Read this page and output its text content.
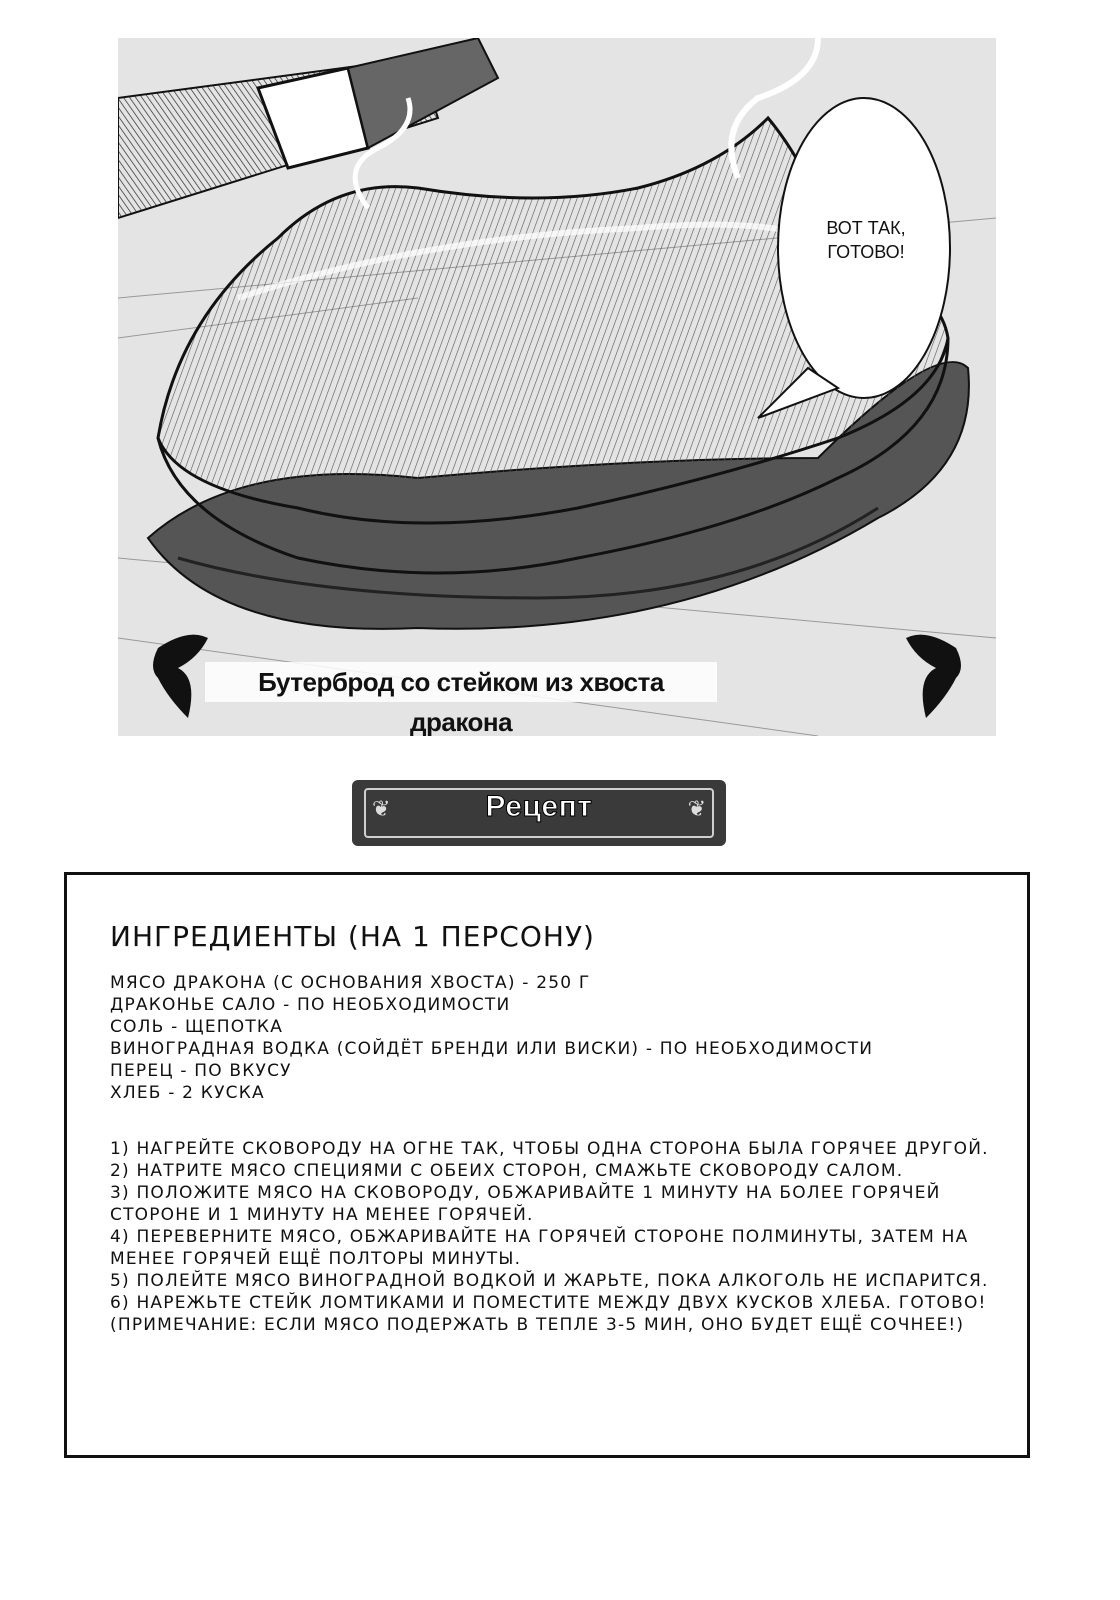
ВОТ ТАК, ГОТОВО!
Бутерброд со стейком из хвоста дракона
❦	❦
Рецепт
ИНГРЕДИЕНТЫ (НА 1 ПЕРСОНУ)
МЯСО ДРАКОНА (С ОСНОВАНИЯ ХВОСТА) - 250 Г
ДРАКОНЬЕ САЛО - ПО НЕОБХОДИМОСТИ
СОЛЬ - ЩЕПОТКА
ВИНОГРАДНАЯ ВОДКА (СОЙДЁТ БРЕНДИ ИЛИ ВИСКИ) - ПО НЕОБХОДИМОСТИ
ПЕРЕЦ - ПО ВКУСУ
ХЛЕБ - 2 КУСКА
1) НАГРЕЙТЕ СКОВОРОДУ НА ОГНЕ ТАК, ЧТОБЫ ОДНА СТОРОНА БЫЛА ГОРЯЧЕЕ ДРУГОЙ.
2) НАТРИТЕ МЯСО СПЕЦИЯМИ С ОБЕИХ СТОРОН, СМАЖЬТЕ СКОВОРОДУ САЛОМ.
3) ПОЛОЖИТЕ МЯСО НА СКОВОРОДУ, ОБЖАРИВАЙТЕ 1 МИНУТУ НА БОЛЕЕ ГОРЯЧЕЙ СТОРОНЕ И 1 МИНУТУ НА МЕНЕЕ ГОРЯЧЕЙ.
4) ПЕРЕВЕРНИТЕ МЯСО, ОБЖАРИВАЙТЕ НА ГОРЯЧЕЙ СТОРОНЕ ПОЛМИНУТЫ, ЗАТЕМ НА МЕНЕЕ ГОРЯЧЕЙ ЕЩЁ ПОЛТОРЫ МИНУТЫ.
5) ПОЛЕЙТЕ МЯСО ВИНОГРАДНОЙ ВОДКОЙ И ЖАРЬТЕ, ПОКА АЛКОГОЛЬ НЕ ИСПАРИТСЯ.
6) НАРЕЖЬТЕ СТЕЙК ЛОМТИКАМИ И ПОМЕСТИТЕ МЕЖДУ ДВУХ КУСКОВ ХЛЕБА. ГОТОВО! (ПРИМЕЧАНИЕ: ЕСЛИ МЯСО ПОДЕРЖАТЬ В ТЕПЛЕ 3-5 МИН, ОНО БУДЕТ ЕЩЁ СОЧНЕЕ!)
